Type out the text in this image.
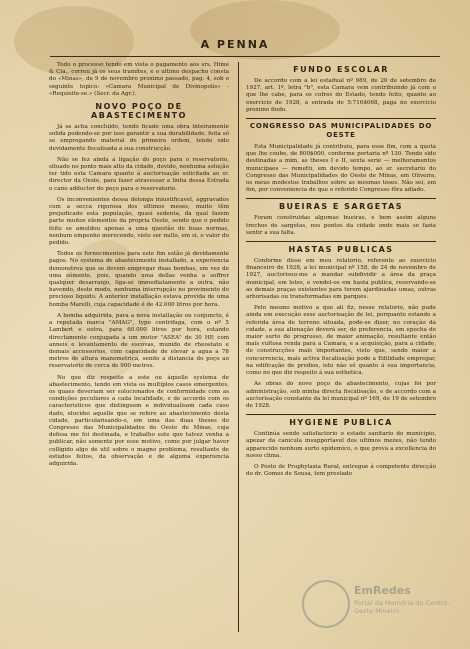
A PENNA

Todo o processo tendo em vista o pagamento aos srs. Hime & Cia., correu já os seus tramites, e o ultimo despacho consta do «Minas», de 9 de novembro proximo passado, pag. 4, sob o seguinte topico: «Camara Municipal de Divinopolis» - «Requisite-se.» (Secr. da Agr.).

NOVO POÇO DE ABASTECIMENTO

Já se acha concluido, tendo ficado uma obra inteiramente solida podendo-se por isso garantir a sua durabilidade, feita só se empregando material de primeira ordem, tendo sido devidamente fiscalisada a sua construcção.

Não se fez ainda a ligação do poço para o reservatorio, situado no ponto mais alto da cidade, devido, nenhuma solução ter tido esta Camara quanto á auctorisação solicitada ao sr. director da Oeste, para fazer atravessar a linha dessa Estrada o cano adductor do poço para o reservatorio.

Os inconvenientes dessa delonga iniustificavel, aggravados com a secca rigorosa dos ultimos meses, muito têm prejudicado esta população, quasi sedenta, da qual fazem parte muitos elementos da propria Oeste, sendo que o pedido feito se amoldou apenas a uma questão de boas normas, nenhum empenho merecendo, visto ser nullo, em si, o valor do pedido.

Todos os fornecimentos para este fim estão já devidamente pagos. No systema de abastecimento installado, a experiencia demonstrou que se devem empregar duas bombas, em vez de uma sómente, pois, quando uma dellas venha a soffrer qualquer desarranjo, liga-se immediatamente a outra, não havendo, deste modo, nenhuma interrupção no provimento do precioso liquido. A anterior installação estava provida de uma bomba Marelli, cuja capacidade é de 42.000 litros por hora.

A bomba adquirida, para a nova installação ou conjuncto, é a reputada marca "AMAG", typo centrifuga, com o nº 5 Lambert e outra, para 60.000 litros por hora, estando directamente conjugada a um motor "ASEA" de 30 HP, com anneis e levantamento de escovas, munido de rheostato e demais accessorios, com capacidade de elevar a agua a 78 metros de altura manometrica, sendo a distancia do poço ao reservatorio de cerca de 900 metros.

No que diz respeito a este ou áquelle systema de abastecimento, tendo em vista os multiplos casos emergentes, os quaes deveriam ser solucionados de conformidade com as condições peculiares a cada localidade, e de accordo com os caracteristicos que distinguem e individualisam cada caso dado, elucidei aquelle que se refere ao abastecimento desta cidade, particularisando-o, em uma das duas theses do Congresso das Municipalidades do Oeste de Minas, cuja defesa me foi destinada, e trabalho este que talvez venha a publicar, não somente por esse motivo, como por julgar haver colligido algo de util sobre o magno problema, resultante de estudos feitos, da observação e de alguma experiencia adquirida.

FUNDO ESCOLAR

De accordo com a lei estadual nº 989, de 20 de setembro de 1927, art. 1º, letra "b", esta Camara vem contribuindo já com o que lhe cabe, para os cofres do Estado, tendo feito, quanto ao exercicio de 1928, a entrada de 5:716$068, paga no exercicio proximo findo.

CONGRESSO DAS MUNICIPALIDADES DO OESTE

Esta Municipalidade já contribuiu, para esse fim, com a quota que lhe coube, de 800$000, conforme portaria nº 130. Tendo sido destinadas a mim, as theses I e II, sexta serie — melhoramentos municipaes — remetti, em devido tempo, ao sr. secretario do Congresso das Municipalidades do Oeste de Minas, em Oliveira, os meus modestos trabalhos sobre as mesmas teses. Não sei, em fim, por conveniencia de que o referido Congresso fôra adiado.

BUEIRAS E SARGETAS

Foram construidas algumas bueiras, e bem assim alguns trechos de sargetas, nos pontos da cidade onde mais se fazia sentir a sua falta.

HASTAS PUBLICAS

Conforme disse em meu relatorio, referente ao exercicio financeiro de 1928, a lei municipal nº 158, de 24 de novembro de 1927, auctorisou-me a mandar subdividir a área da praça municipal, em lotes, e vendel-os em hasta publica, reservando-se as demais praças existentes para terem ajardinadas umas, outras arborisadas ou transformadas em parques.

Pelo mesmo motivo a que ali fiz, nesse relatorio, não pude ainda em execução esse auctorisação de lei, porquanto estando a referida área de terreno situada, pode-se dizer, no coração da cidade, a sua alienação deverá ser, de preferencia, em epocha de maior surto de progresso, de maior animação, resultante então mais vultosa renda para a Camara, e a acquisição, para a cidade, de construcções mais importantes, visto que, sendo maior a concurrencia, mais activa fiscalisação pode a Edilidade empregar, na edificação de predios, isto não só quanto á sua importancia, como no que diz respeito á sua esthetica.

As obras do novo poço de abastecimento, cujas foi por administração, sob minha directa fiscalisação, e de accordo com a auctorisação constante da lei municipal nº 169, de 19 de setembro de 1928.

HYGIENE PUBLICA

Continúa sendo satisfactorio o estado sanitario do municipio, apezar da canicula insupportavel dos ultimos mezes, não tendo apparecido nenhum surto epidemico, o que prova a excellencia do nosso clima.

O Posto de Prophylaxia Rural, entregue á competente direcção do dr. Gomes de Sousa, tem prestado

EmRedes
Portal da Memória do Centro-Oeste Mineiro
